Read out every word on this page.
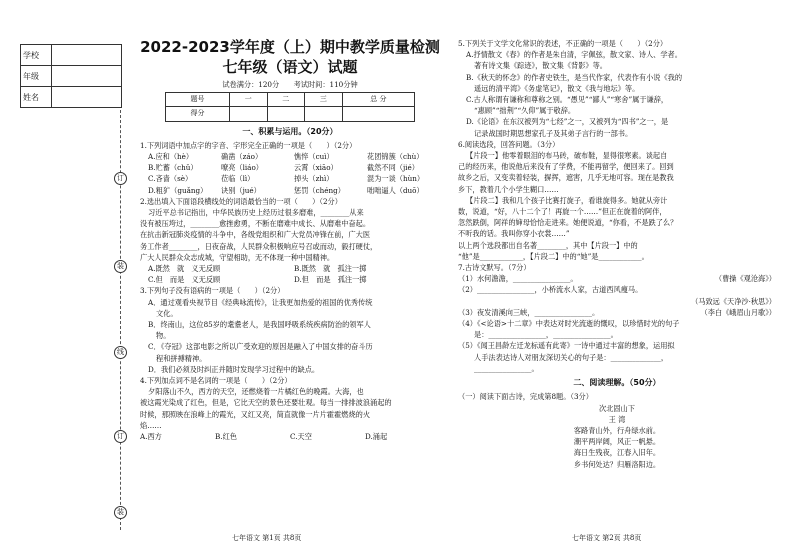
学校	
年级	
姓名	
订
装
线
订
装
2022-2023学年度（上）期中教学质量检测
七年级（语文）试题
试卷满分：120分　　 考试时间：110分钟
题号	一	二	三	总 分
得分				
一、积累与运用。（20分）

1.下列词语中加点字的字音、字形完全正确的一项是（　　）（2分）

A.应和（hè）	确凿（záo）	憔悴（cuì）	花团锦簇（chù）
B.贮蓄（chǔ）	嘹亮（liáo）	云霄（xiāo）	截然不同（jié）
C.吝啬（sè）	莅临（lì）	掉头（zhì）	混为一谈（hùn）
D.粗犷（guǎng）	诀别（jué）	惩罚（chéng）	咄咄逼人（duō）

2.选出填入下面语段横线处的词语最恰当的一项（　　）（2分）

习近平总书记指出，中华民族历史上经历过很多磨难，________从来

没有被压垮过，________愈挫愈勇，不断在磨难中成长、从磨难中奋起。

在抗击新冠肺炎疫情的斗争中，各级党组织和广大党员冲锋在前，广大医

务工作者________，日夜奋战，人民群众积极响应号召或而动，毅打硬仗，

广大人民群众众志成城，守望相助，无不体现一种中国精神。

A.既然　就　义无反顾	B.既然　就　孤注一掷
C.但　而是　义无反顾	D.但　而是　孤注一掷

3.下列句子没有语病的一项是（　　）（2分）

A．通过观看央视节目《经典咏流传》，让我更加热爱的祖国的优秀传统

文化。

B．终南山，这位85岁的耄耋老人，是我国呼吸系统疾病防治的领军人

物。

C．《夺冠》这部电影之所以广受欢迎的原因是融入了中国女排的奋斗历

程和拼搏精神。

D．我们必须及时纠正并随时发现学习过程中的缺点。

4.下列加点词不是名词的一项是（　　）（2分）

夕阳落山不久，西方的天空，还燃烧着一片橘红色的晚霞。大海，也

被这霞光染成了红色，但是，它比天空的景色还要壮观。每当一排排波浪涌起的

时候，那照映在浪峰上的霞光，又红又亮，简直就像一片片霍霍燃烧的火

焰……

A.西方	B.红色	C.天空	D.涌起

5.下列关于文学文化常识的表述，不正确的一项是（　　）（2分）

A.抒情散文《春》的作者是朱自清，字佩弦，散文家、诗人、学者。

著有诗文集《踪迹》，散文集《背影》等。

B.《秋天的怀念》的作者史铁生，是当代作家，代表作有小说《我的

遥远的清平湾》《务虚笔记》，散文《我与地坛》等。

C.古人称谓有谦称和尊称之别。“愚见”“鄙人”“寒舍”属于谦辞，

“惠顾”“拙荆”“久仰”属于敬辞。

D.《论语》在东汉被列为“七经”之一，又被列为“四书”之一，是

记录战国时期思想家孔子及其弟子言行的一部书。

6.阅读选段，回答问题。（3分）

【片段一】他零着眼泪的布马砖，破布鞋，显得很寒素。谈起自

己的经历来，他说他后来没有了学费，不能再留学，便回来了。回到

故乡之后，又变卖着轻装，摒挥，遮害，几乎无地可容。现在是教我

乡下，教着几个小学生糊口……

【片段二】我和几个孩子比赛打旋子，看谁旋得多。她就从旁计

数，说道，“好，八十二个了！再旋一个……”但正在旋着的阿伴，

忽然跌倒，阿祥的婶母恰恰走进来。她便说道，“你看，不是跌了么？

不听我的话。我叫你穿小衣裳……”

以上两个选段都出自名著________，其中【片段一】中的

“他”是____________，【片段二】中的“她”是____________。

7.古诗文默写。（7分）

（1）水何澹澹，________________。	（曹操《观沧海》）

（2）________________，小桥流水人家，古道西风瘦马。

（马致远《天净沙·秋思》）

（3）夜发清溪向三峡，________________。	（李白《峨眉山月歌》）

（4）《<论语>十二章》中表达对时光流逝的慨叹，以珍惜时光的句子

是：________________，________________。

（5）《闻王昌龄左迁龙标遥有此寄》一诗中通过丰富的想象，运用拟

人手法表达诗人对朋友深切关心的句子是：______________，

________________。

二、阅读理解。（50分）

（一）阅读下面古诗，完成第8题。（3分）

次北固山下

王 湾

客路青山外，行舟绿水前。

潮平两岸阔，风正一帆悬。

海日生残夜，江春入旧年。

乡书何处达？归雁洛阳边。

七年语文 第1页 共8页	七年语文 第2页 共8页
